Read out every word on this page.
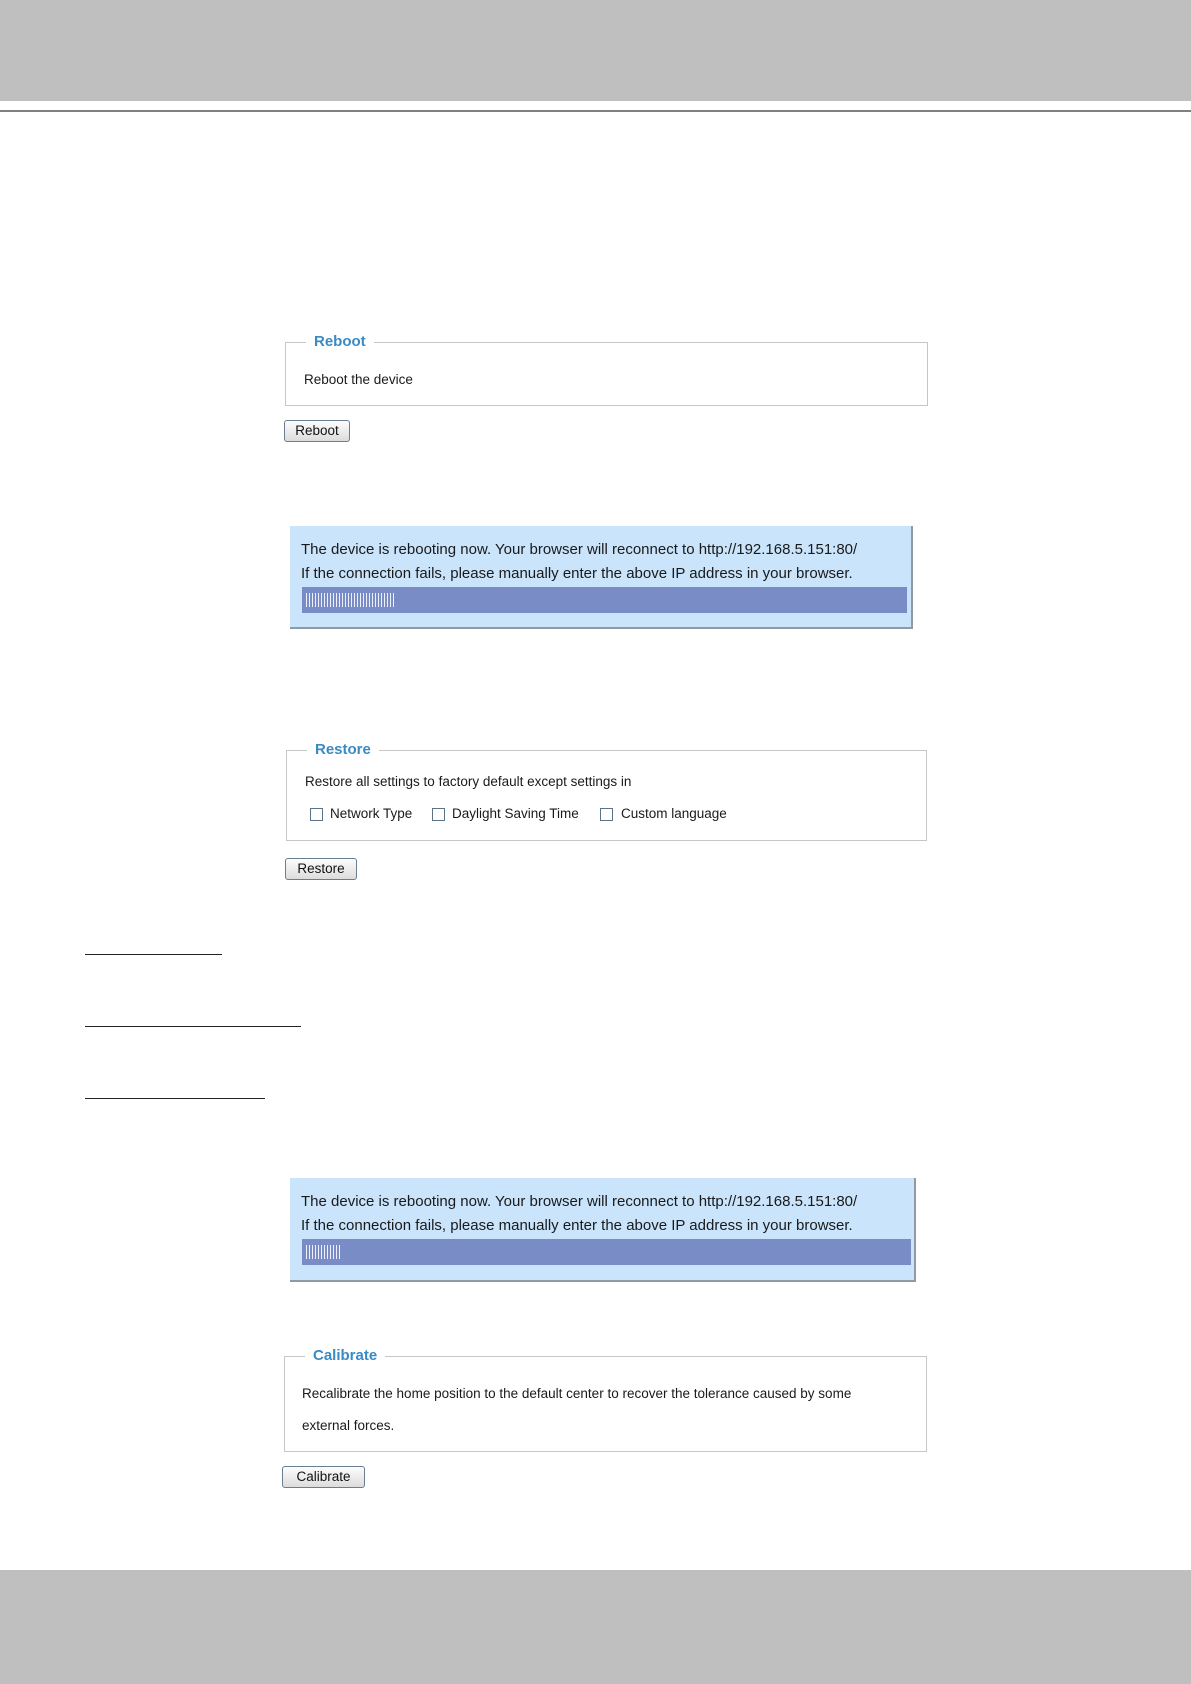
Reboot
Reboot the device
Reboot
The device is rebooting now. Your browser will reconnect to http://192.168.5.151:80/
If the connection fails, please manually enter the above IP address in your browser.
Restore
Restore all settings to factory default except settings in
Network Type	Daylight Saving Time	Custom language
Restore
The device is rebooting now. Your browser will reconnect to http://192.168.5.151:80/
If the connection fails, please manually enter the above IP address in your browser.
Calibrate
Recalibrate the home position to the default center to recover the tolerance caused by some
external forces.
Calibrate
